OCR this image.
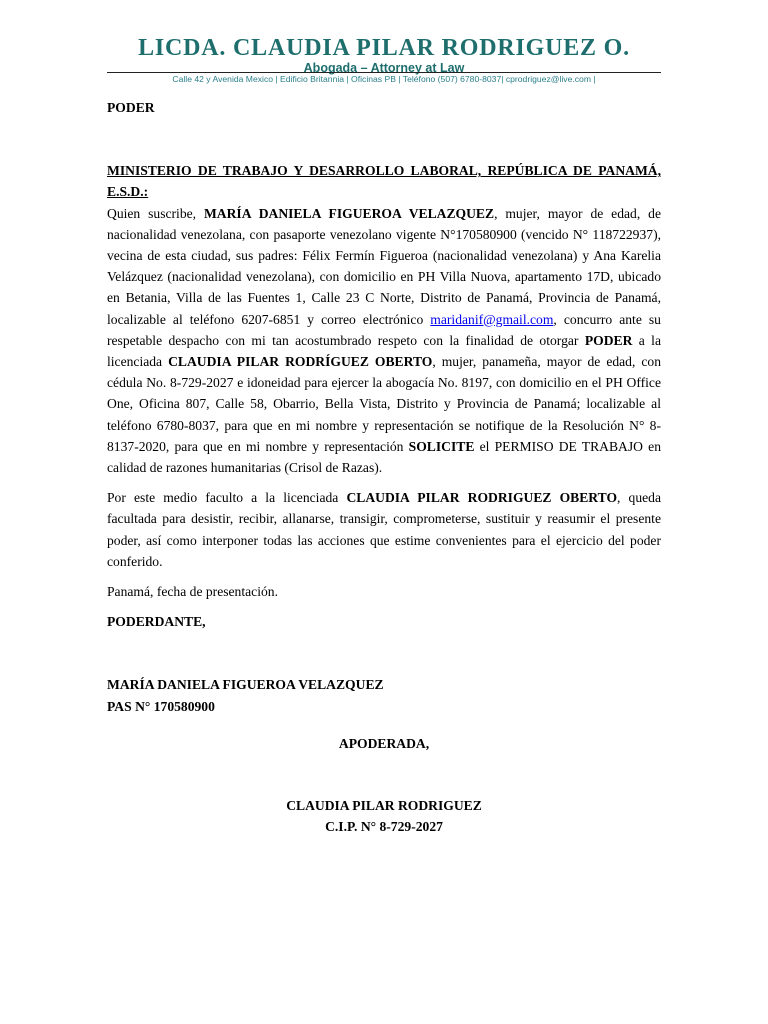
LICDA. CLAUDIA PILAR RODRIGUEZ O.
Abogada – Attorney at Law
Calle 42 y Avenida Mexico | Edificio Britannia | Oficinas PB | Teléfono (507) 6780-8037| cprodriguez@live.com |

PODER

MINISTERIO DE TRABAJO Y DESARROLLO LABORAL, REPÚBLICA DE PANAMÁ, E.S.D.:

Quien suscribe, MARÍA DANIELA FIGUEROA VELAZQUEZ, mujer, mayor de edad, de nacionalidad venezolana, con pasaporte venezolano vigente N°170580900 (vencido N° 118722937), vecina de esta ciudad, sus padres: Félix Fermín Figueroa (nacionalidad venezolana) y Ana Karelia Velázquez (nacionalidad venezolana), con domicilio en PH Villa Nuova, apartamento 17D, ubicado en Betania, Villa de las Fuentes 1, Calle 23 C Norte, Distrito de Panamá, Provincia de Panamá, localizable al teléfono 6207-6851 y correo electrónico maridanif@gmail.com, concurro ante su respetable despacho con mi tan acostumbrado respeto con la finalidad de otorgar PODER a la licenciada CLAUDIA PILAR RODRÍGUEZ OBERTO, mujer, panameña, mayor de edad, con cédula No. 8-729-2027 e idoneidad para ejercer la abogacía No. 8197, con domicilio en el PH Office One, Oficina 807, Calle 58, Obarrio, Bella Vista, Distrito y Provincia de Panamá; localizable al teléfono 6780-8037, para que en mi nombre y representación se notifique de la Resolución N° 8-8137-2020, para que en mi nombre y representación SOLICITE el PERMISO DE TRABAJO en calidad de razones humanitarias (Crisol de Razas).

Por este medio faculto a la licenciada CLAUDIA PILAR RODRIGUEZ OBERTO, queda facultada para desistir, recibir, allanarse, transigir, comprometerse, sustituir y reasumir el presente poder, así como interponer todas las acciones que estime convenientes para el ejercicio del poder conferido.

Panamá, fecha de presentación.

PODERDANTE,

MARÍA DANIELA FIGUEROA VELAZQUEZ

PAS N° 170580900

APODERADA,

CLAUDIA PILAR RODRIGUEZ

C.I.P. N° 8-729-2027
